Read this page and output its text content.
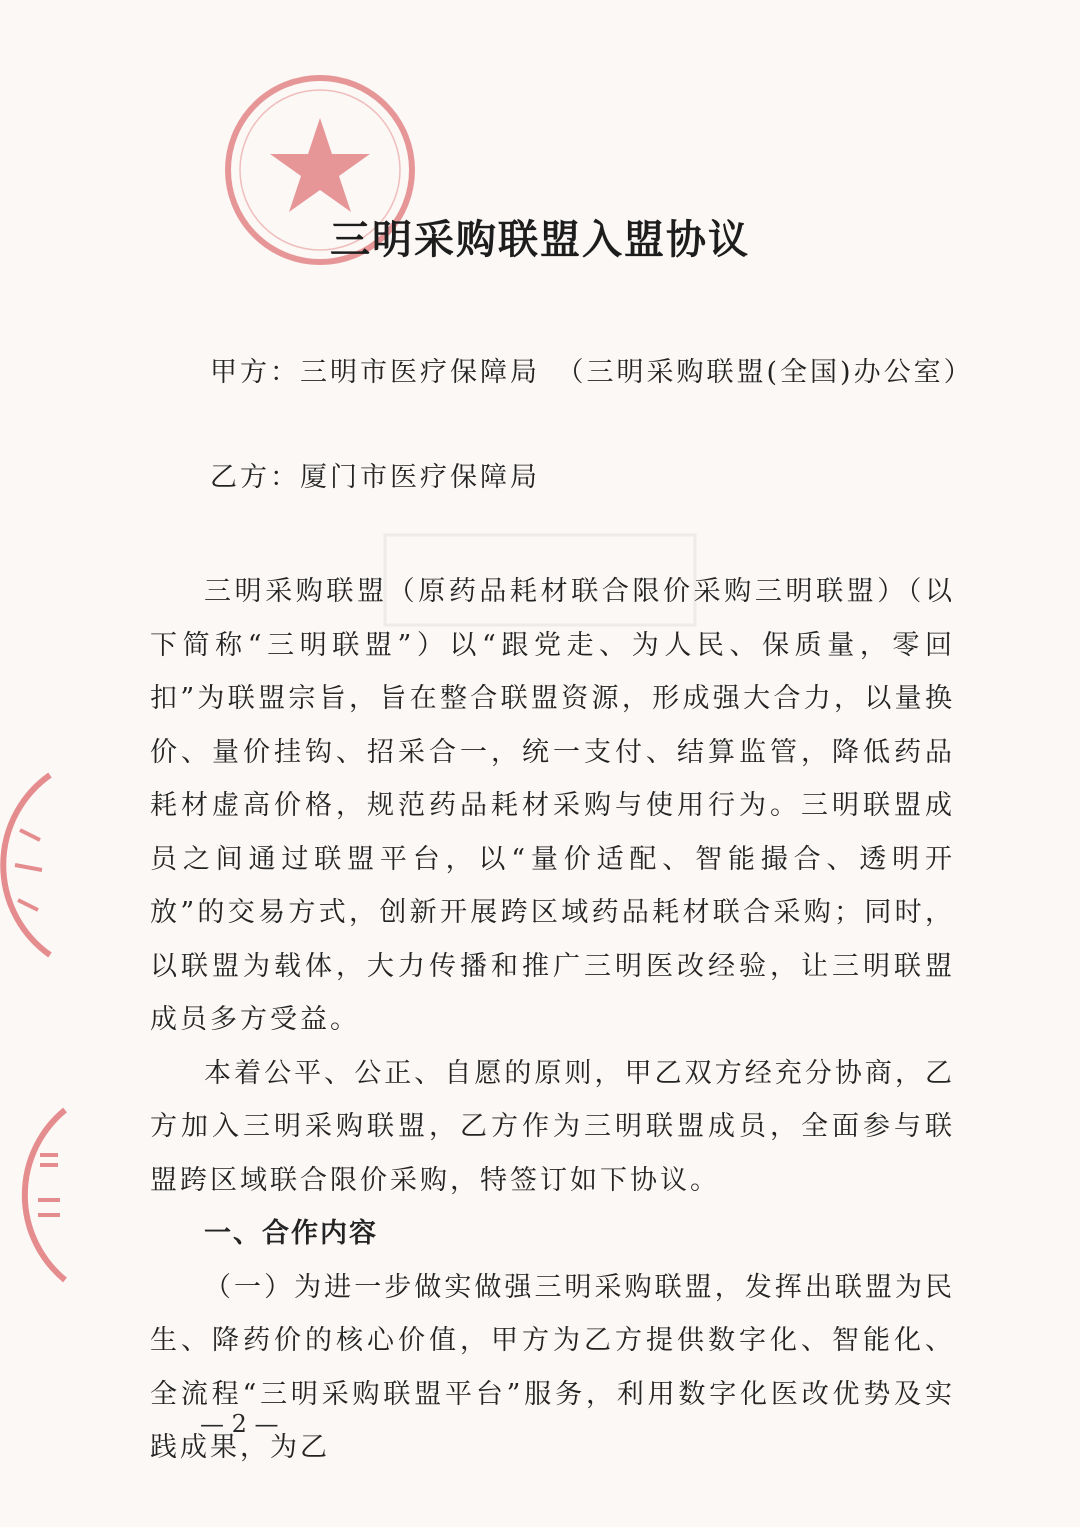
三明采购联盟入盟协议
甲方：三明市医疗保障局　（三明采购联盟(全国)办公室）
乙方：厦门市医疗保障局

三明采购联盟（原药品耗材联合限价采购三明联盟）（以下简称“三明联盟”）以“跟党走、为人民、保质量，零回扣”为联盟宗旨，旨在整合联盟资源，形成强大合力，以量换价、量价挂钩、招采合一，统一支付、结算监管，降低药品耗材虚高价格，规范药品耗材采购与使用行为。三明联盟成员之间通过联盟平台，以“量价适配、智能撮合、透明开放”的交易方式，创新开展跨区域药品耗材联合采购；同时，以联盟为载体，大力传播和推广三明医改经验，让三明联盟成员多方受益。

本着公平、公正、自愿的原则，甲乙双方经充分协商，乙方加入三明采购联盟，乙方作为三明联盟成员，全面参与联盟跨区域联合限价采购，特签订如下协议。

一、合作内容

（一）为进一步做实做强三明采购联盟，发挥出联盟为民生、降药价的核心价值，甲方为乙方提供数字化、智能化、全流程“三明采购联盟平台”服务，利用数字化医改优势及实践成果，为乙

— 2 —
